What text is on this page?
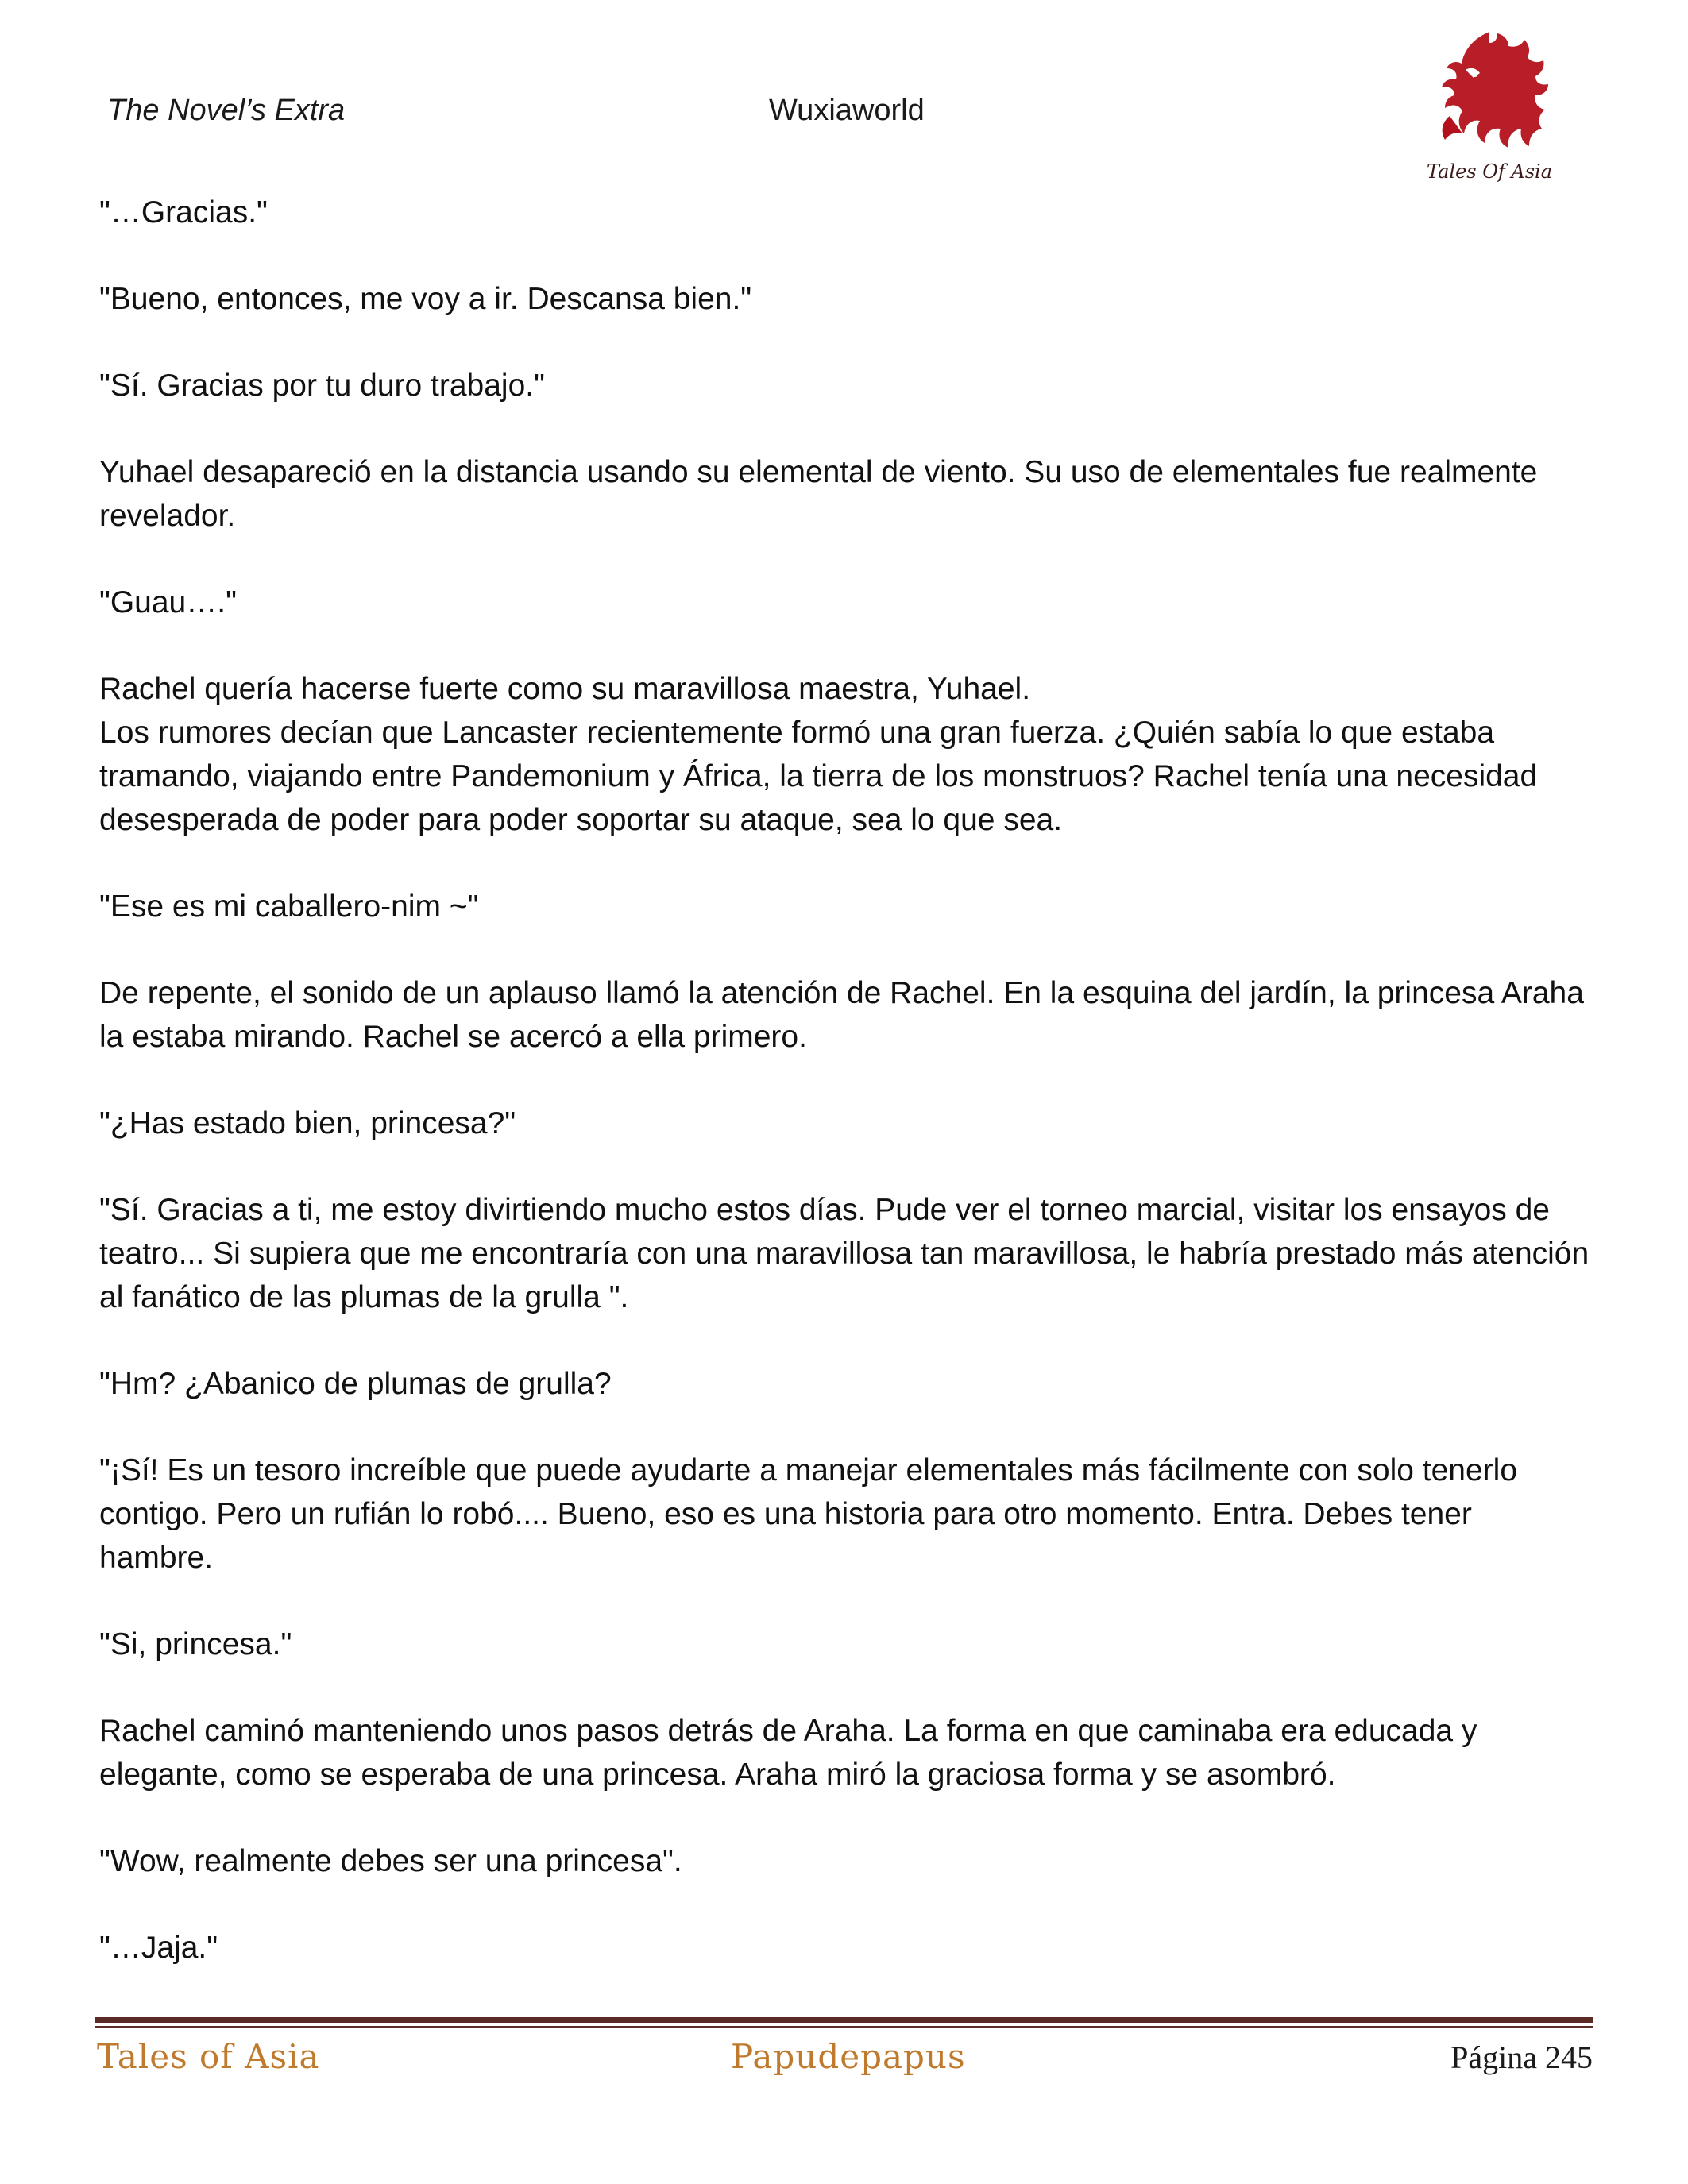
The Novel’s Extra	Wuxiaworld
Tales Of Asia

"…Gracias."

"Bueno, entonces, me voy a ir. Descansa bien."

"Sí. Gracias por tu duro trabajo."

Yuhael desapareció en la distancia usando su elemental de viento. Su uso de elementales fue realmente revelador.

"Guau…."

Rachel quería hacerse fuerte como su maravillosa maestra, Yuhael.

Los rumores decían que Lancaster recientemente formó una gran fuerza. ¿Quién sabía lo que estaba tramando, viajando entre Pandemonium y África, la tierra de los monstruos? Rachel tenía una necesidad desesperada de poder para poder soportar su ataque, sea lo que sea.

"Ese es mi caballero-nim ~"

De repente, el sonido de un aplauso llamó la atención de Rachel. En la esquina del jardín, la princesa Araha la estaba mirando. Rachel se acercó a ella primero.

"¿Has estado bien, princesa?"

"Sí. Gracias a ti, me estoy divirtiendo mucho estos días. Pude ver el torneo marcial, visitar los ensayos de teatro... Si supiera que me encontraría con una maravillosa tan maravillosa, le habría prestado más atención al fanático de las plumas de la grulla ".

"Hm? ¿Abanico de plumas de grulla?

"¡Sí! Es un tesoro increíble que puede ayudarte a manejar elementales más fácilmente con solo tenerlo contigo. Pero un rufián lo robó.... Bueno, eso es una historia para otro momento. Entra. Debes tener hambre.

"Si, princesa."

Rachel caminó manteniendo unos pasos detrás de Araha. La forma en que caminaba era educada y elegante, como se esperaba de una princesa. Araha miró la graciosa forma y se asombró.

"Wow, realmente debes ser una princesa".

"…Jaja."

Tales of Asia	Papudepapus	Página 245
